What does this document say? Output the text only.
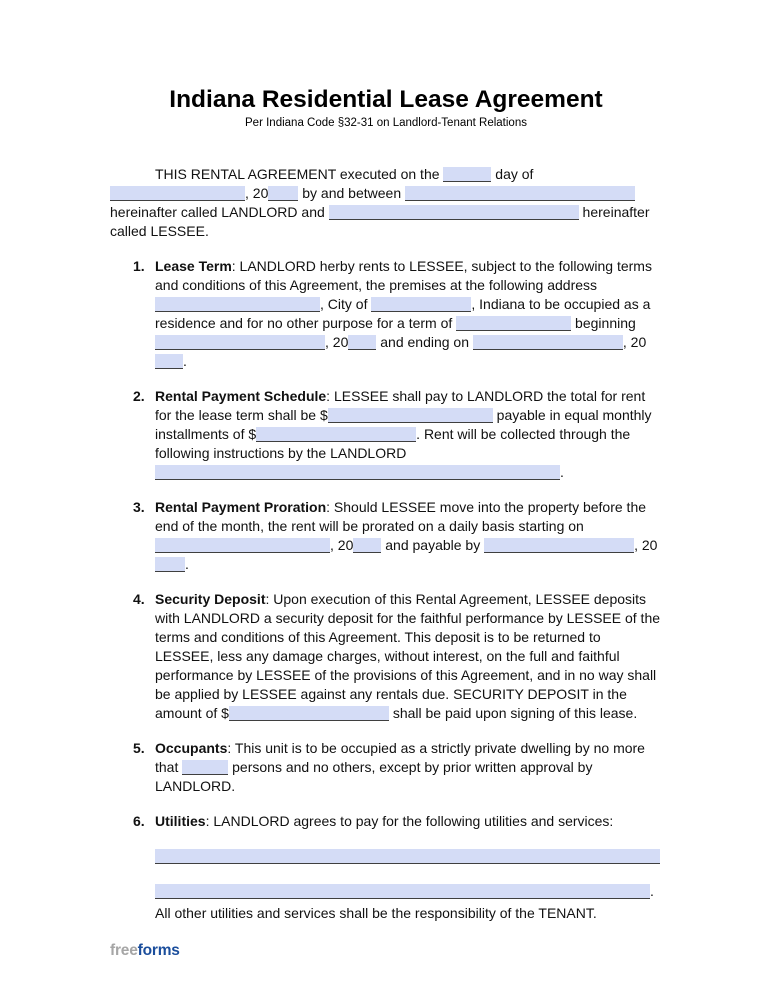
Indiana Residential Lease Agreement
Per Indiana Code §32-31 on Landlord-Tenant Relations

THIS RENTAL AGREEMENT executed on the	day of , 20 by and between  hereinafter called LANDLORD and	hereinafter called LESSEE.

1. Lease Term: LANDLORD herby rents to LESSEE, subject to the following terms and conditions of this Agreement, the premises at the following address , City of	, Indiana to be occupied as a residence and for no other purpose for a term of	beginning , 20 and ending on	, 20.
2. Rental Payment Schedule: LESSEE shall pay to LANDLORD the total for rent for the lease term shall be $	payable in equal monthly installments of $	. Rent will be collected through the following instructions by the LANDLORD .
3. Rental Payment Proration: Should LESSEE move into the property before the end of the month, the rent will be prorated on a daily basis starting on , 20 and payable by	, 20.
4. Security Deposit: Upon execution of this Rental Agreement, LESSEE deposits with LANDLORD a security deposit for the faithful performance by LESSEE of the terms and conditions of this Agreement. This deposit is to be returned to LESSEE, less any damage charges, without interest, on the full and faithful performance by LESSEE of the provisions of this Agreement, and in no way shall be applied by LESSEE against any rentals due. SECURITY DEPOSIT in the amount of $	shall be paid upon signing of this lease.
5. Occupants: This unit is to be occupied as a strictly private dwelling by no more that	persons and no others, except by prior written approval by LANDLORD.
6. Utilities: LANDLORD agrees to pay for the following utilities and services:
.
All other utilities and services shall be the responsibility of the TENANT.
freeforms
